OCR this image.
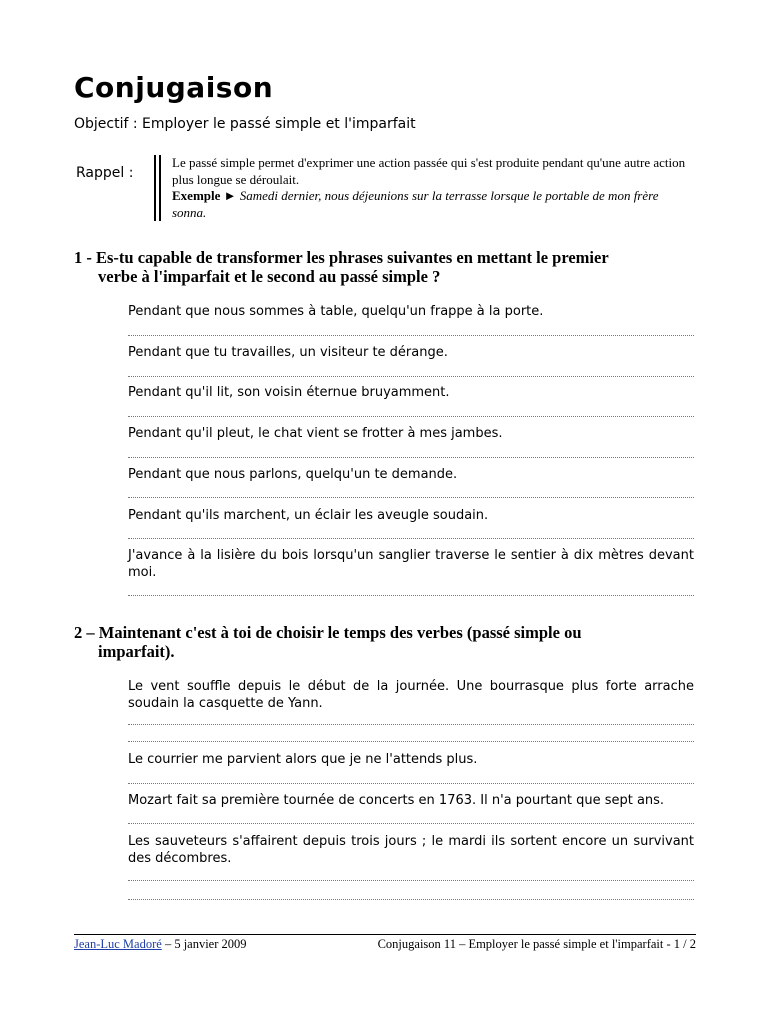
Conjugaison
Objectif : Employer le passé simple et l'imparfait
Rappel :
Le passé simple permet d'exprimer une action passée qui s'est produite pendant qu'une autre action plus longue se déroulait.
Exemple ► Samedi dernier, nous déjeunions sur la terrasse lorsque le portable de mon frère sonna.
1 - Es-tu capable de transformer les phrases suivantes en mettant le premier
verbe à l'imparfait et le second au passé simple ?
Pendant que nous sommes à table, quelqu'un frappe à la porte.
Pendant que tu travailles, un visiteur te dérange.
Pendant qu'il lit, son voisin éternue bruyamment.
Pendant qu'il pleut, le chat vient se frotter à mes jambes.
Pendant que nous parlons, quelqu'un te demande.
Pendant qu'ils marchent, un éclair les aveugle soudain.
J'avance à la lisière du bois lorsqu'un sanglier traverse le sentier à dix mètres devant moi.
2 – Maintenant c'est à toi de choisir le temps des verbes (passé simple ou
imparfait).
Le vent souffle depuis le début de la journée. Une bourrasque plus forte arrache soudain la casquette de Yann.
Le courrier me parvient alors que je ne l'attends plus.
Mozart fait sa première tournée de concerts en 1763. Il n'a pourtant que sept ans.
Les sauveteurs s'affairent depuis trois jours ; le mardi ils sortent encore un survivant des décombres.
Jean-Luc Madoré – 5 janvier 2009	Conjugaison 11 – Employer le passé simple et l'imparfait - 1 / 2
